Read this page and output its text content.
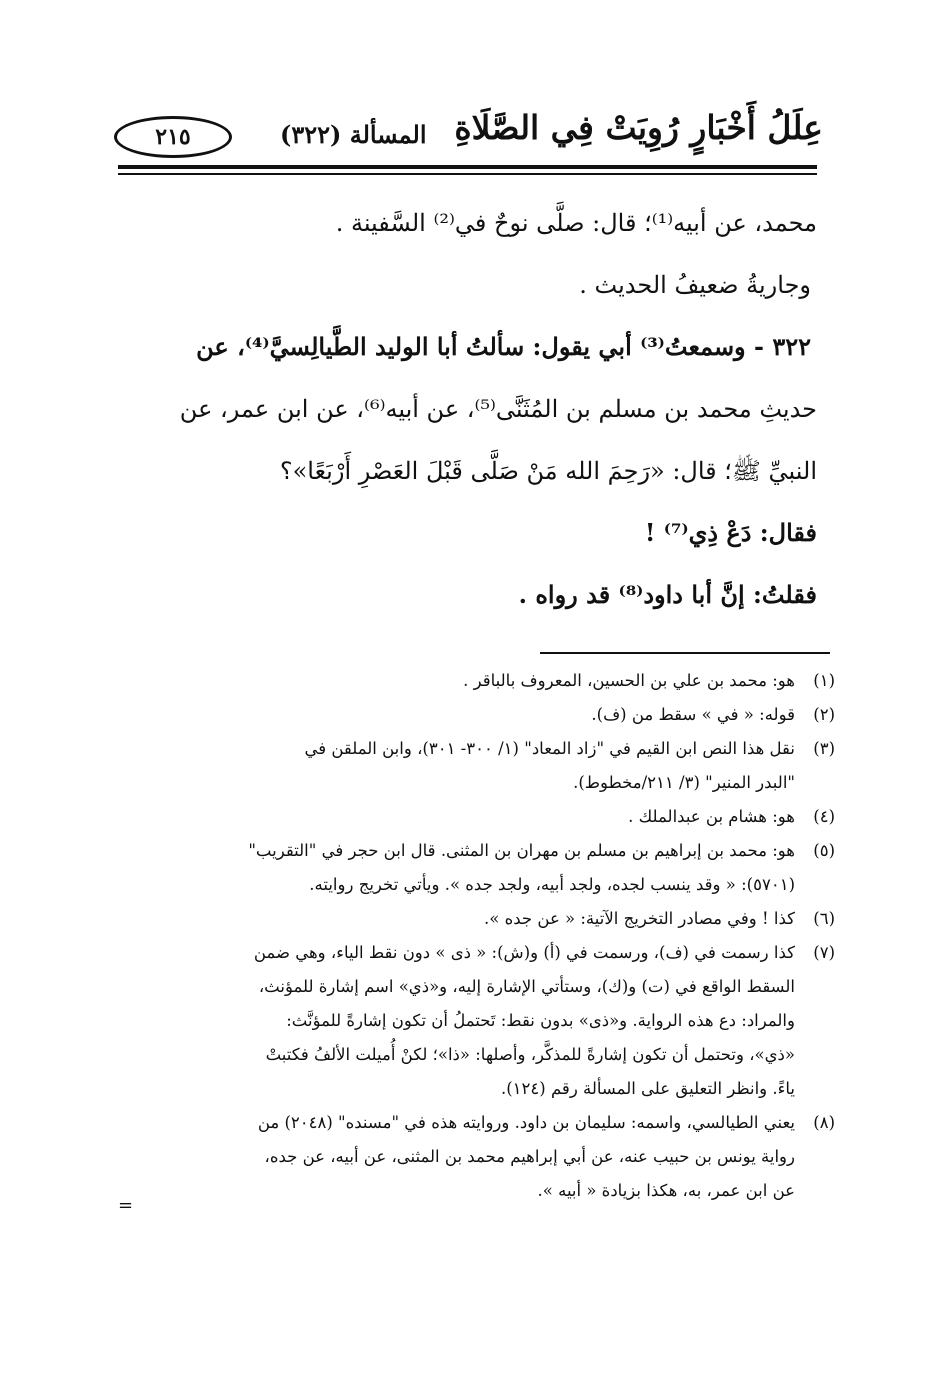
عِلَلُ أَخْبَارٍ رُوِيَتْ فِي الصَّلَاةِ
المسألة (٣٢٢)
٢١٥
محمد، عن أبيه⁽¹⁾؛ قال: صلَّى نوحٌ في⁽²⁾ السَّفينة .
وجاريةُ ضعيفُ الحديث .
٣٢٢ - وسمعتُ⁽³⁾ أبي يقول: سألتُ أبا الوليد الطَّيالِسيَّ⁽⁴⁾، عن
حديثِ محمد بن مسلم بن المُثَنَّى⁽⁵⁾، عن أبيه⁽⁶⁾، عن ابن عمر، عن
النبيِّ ﷺ؛ قال: «رَحِمَ الله مَنْ صَلَّى قَبْلَ العَصْرِ أَرْبَعًا»؟
فقال: دَعْ ذِي⁽⁷⁾ !
فقلتُ: إنَّ أبا داود⁽⁸⁾ قد رواه .
(١)
هو: محمد بن علي بن الحسين، المعروف بالباقر .
(٢)
قوله: « في » سقط من (ف).
(٣)
نقل هذا النص ابن القيم في "زاد المعاد" (١/ ٣٠٠- ٣٠١)، وابن الملقن في
"البدر المنير" (٣/ ٢١١/مخطوط).
(٤)
هو: هشام بن عبدالملك .
(٥)
هو: محمد بن إبراهيم بن مسلم بن مهران بن المثنى. قال ابن حجر في "التقريب"
(٥٧٠١): « وقد ينسب لجده، ولجد أبيه، ولجد جده ». ويأتي تخريج روايته.
(٦)
كذا ! وفي مصادر التخريج الآتية: « عن جده ».
(٧)
كذا رسمت في (ف)، ورسمت في (أ) و(ش): « ذى » دون نقط الياء، وهي ضمن
السقط الواقع في (ت) و(ك)، وستأتي الإشارة إليه، و«ذي» اسم إشارة للمؤنث،
والمراد: دع هذه الرواية. و«ذى» بدون نقط: تَحتملُ أن تكون إشارةً للمؤنَّث:
«ذي»، وتحتمل أن تكون إشارةً للمذكَّر، وأصلها: «ذا»؛ لكنْ أُميلت الألفُ فكتبتْ
ياءً. وانظر التعليق على المسألة رقم (١٢٤).
(٨)
يعني الطيالسي، واسمه: سليمان بن داود. وروايته هذه في "مسنده" (٢٠٤٨) من
رواية يونس بن حبيب عنه، عن أبي إبراهيم محمد بن المثنى، عن أبيه، عن جده،
عن ابن عمر، به، هكذا بزيادة « أبيه ».
=
